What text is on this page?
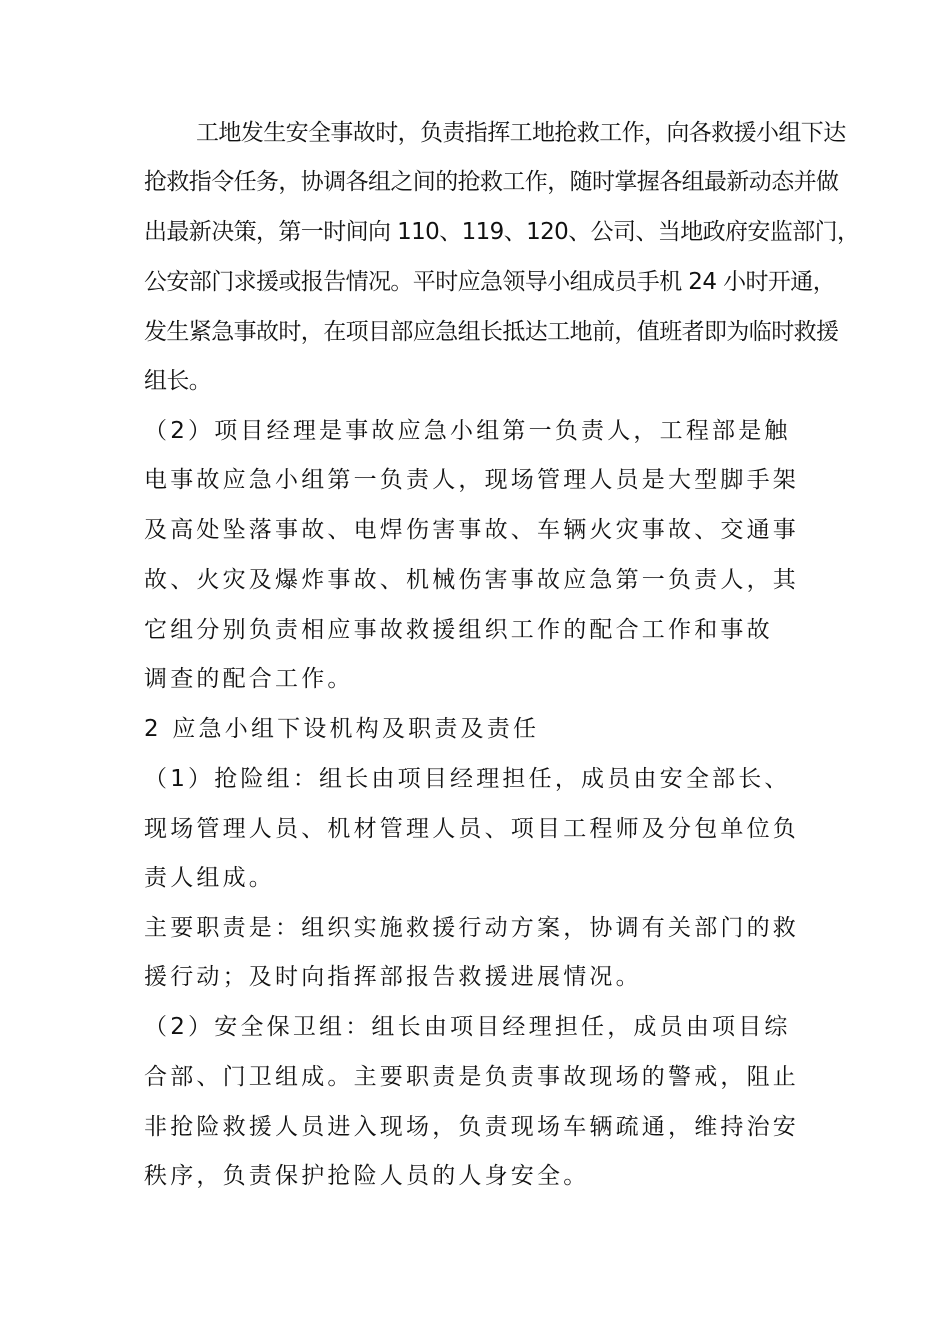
工地发生安全事故时，负责指挥工地抢救工作，向各救援小组下达
抢救指令任务，协调各组之间的抢救工作，随时掌握各组最新动态并做
出最新决策，第一时间向 110、119、120、公司、当地政府安监部门，
公安部门求援或报告情况。平时应急领导小组成员手机 24 小时开通，
发生紧急事故时，在项目部应急组长抵达工地前，值班者即为临时救援
组长。
（2）项目经理是事故应急小组第一负责人，工程部是触
电事故应急小组第一负责人，现场管理人员是大型脚手架
及高处坠落事故、电焊伤害事故、车辆火灾事故、交通事
故、火灾及爆炸事故、机械伤害事故应急第一负责人，其
它组分别负责相应事故救援组织工作的配合工作和事故
调查的配合工作。
2 应急小组下设机构及职责及责任
（1）抢险组：组长由项目经理担任，成员由安全部长、
现场管理人员、机材管理人员、项目工程师及分包单位负
责人组成。
主要职责是：组织实施救援行动方案，协调有关部门的救
援行动；及时向指挥部报告救援进展情况。
（2）安全保卫组：组长由项目经理担任，成员由项目综
合部、门卫组成。主要职责是负责事故现场的警戒，阻止
非抢险救援人员进入现场，负责现场车辆疏通，维持治安
秩序，负责保护抢险人员的人身安全。
